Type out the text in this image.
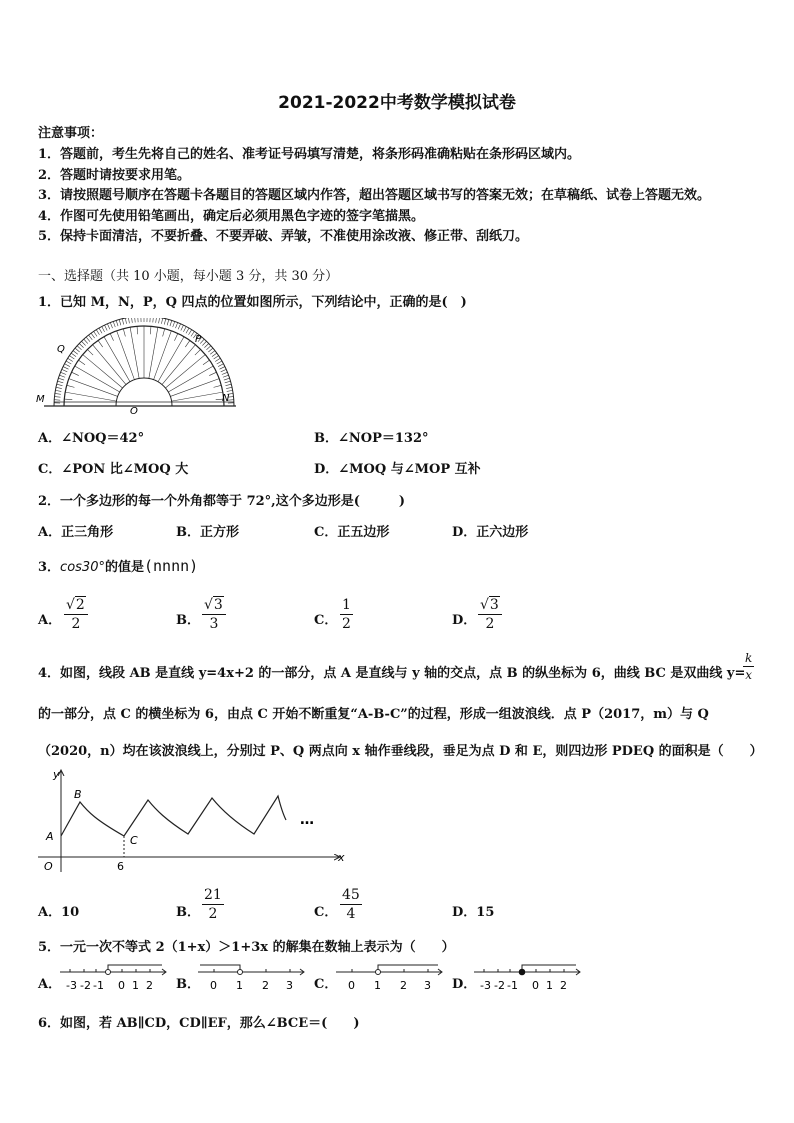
2021-2022中考数学模拟试卷
注意事项：
1．答题前，考生先将自己的姓名、准考证号码填写清楚，将条形码准确粘贴在条形码区域内。
2．答题时请按要求用笔。
3．请按照题号顺序在答题卡各题目的答题区域内作答，超出答题区域书写的答案无效；在草稿纸、试卷上答题无效。
4．作图可先使用铅笔画出，确定后必须用黑色字迹的签字笔描黑。
5．保持卡面清洁，不要折叠、不要弄破、弄皱，不准使用涂改液、修正带、刮纸刀。
一、选择题（共 10 小题，每小题 3 分，共 30 分）
1．已知 M，N，P，Q 四点的位置如图所示，下列结论中，正确的是(　)
M	N
P
Q
O
A．∠NOQ＝42°	B．∠NOP＝132°
C．∠PON 比∠MOQ 大	D．∠MOQ 与∠MOP 互补
2．一个多边形的每一个外角都等于 72°,这个多边形是(　　　)
A．正三角形	B．正方形	C．正五边形	D．正六边形
3．cos30°的值是(nnnn)
A． $\frac{√2}{2}$	B． $\frac{√3}{3}$	C． $\frac{1}{2}$	D． $\frac{√3}{2}$
4．如图，线段 AB 是直线 y=4x+2 的一部分，点 A 是直线与 y 轴的交点，点 B 的纵坐标为 6，曲线 BC 是双曲线 y=
$\frac{k}{x}$
的一部分，点 C 的横坐标为 6，由点 C 开始不断重复“A-B-C”的过程，形成一组波浪线．点 P（2017，m）与 Q
（2020，n）均在该波浪线上，分别过 P、Q 两点向 x 轴作垂线段，垂足为点 D 和 E，则四边形 PDEQ 的面积是（　　）
y
x
O
A
B
C
6
…
A．10	B． $\frac{21}{2}$	C． $\frac{45}{4}$	D．15
5．一元一次不等式 2（1+x）＞1+3x 的解集在数轴上表示为（　　）
A． -3 -2 -1 0 1 2 B． 0 1 2 3 C． 0 1 2 3 D． -3 -2 -1 0 1 2
6．如图，若 AB∥CD，CD∥EF，那么∠BCE＝(　　)
